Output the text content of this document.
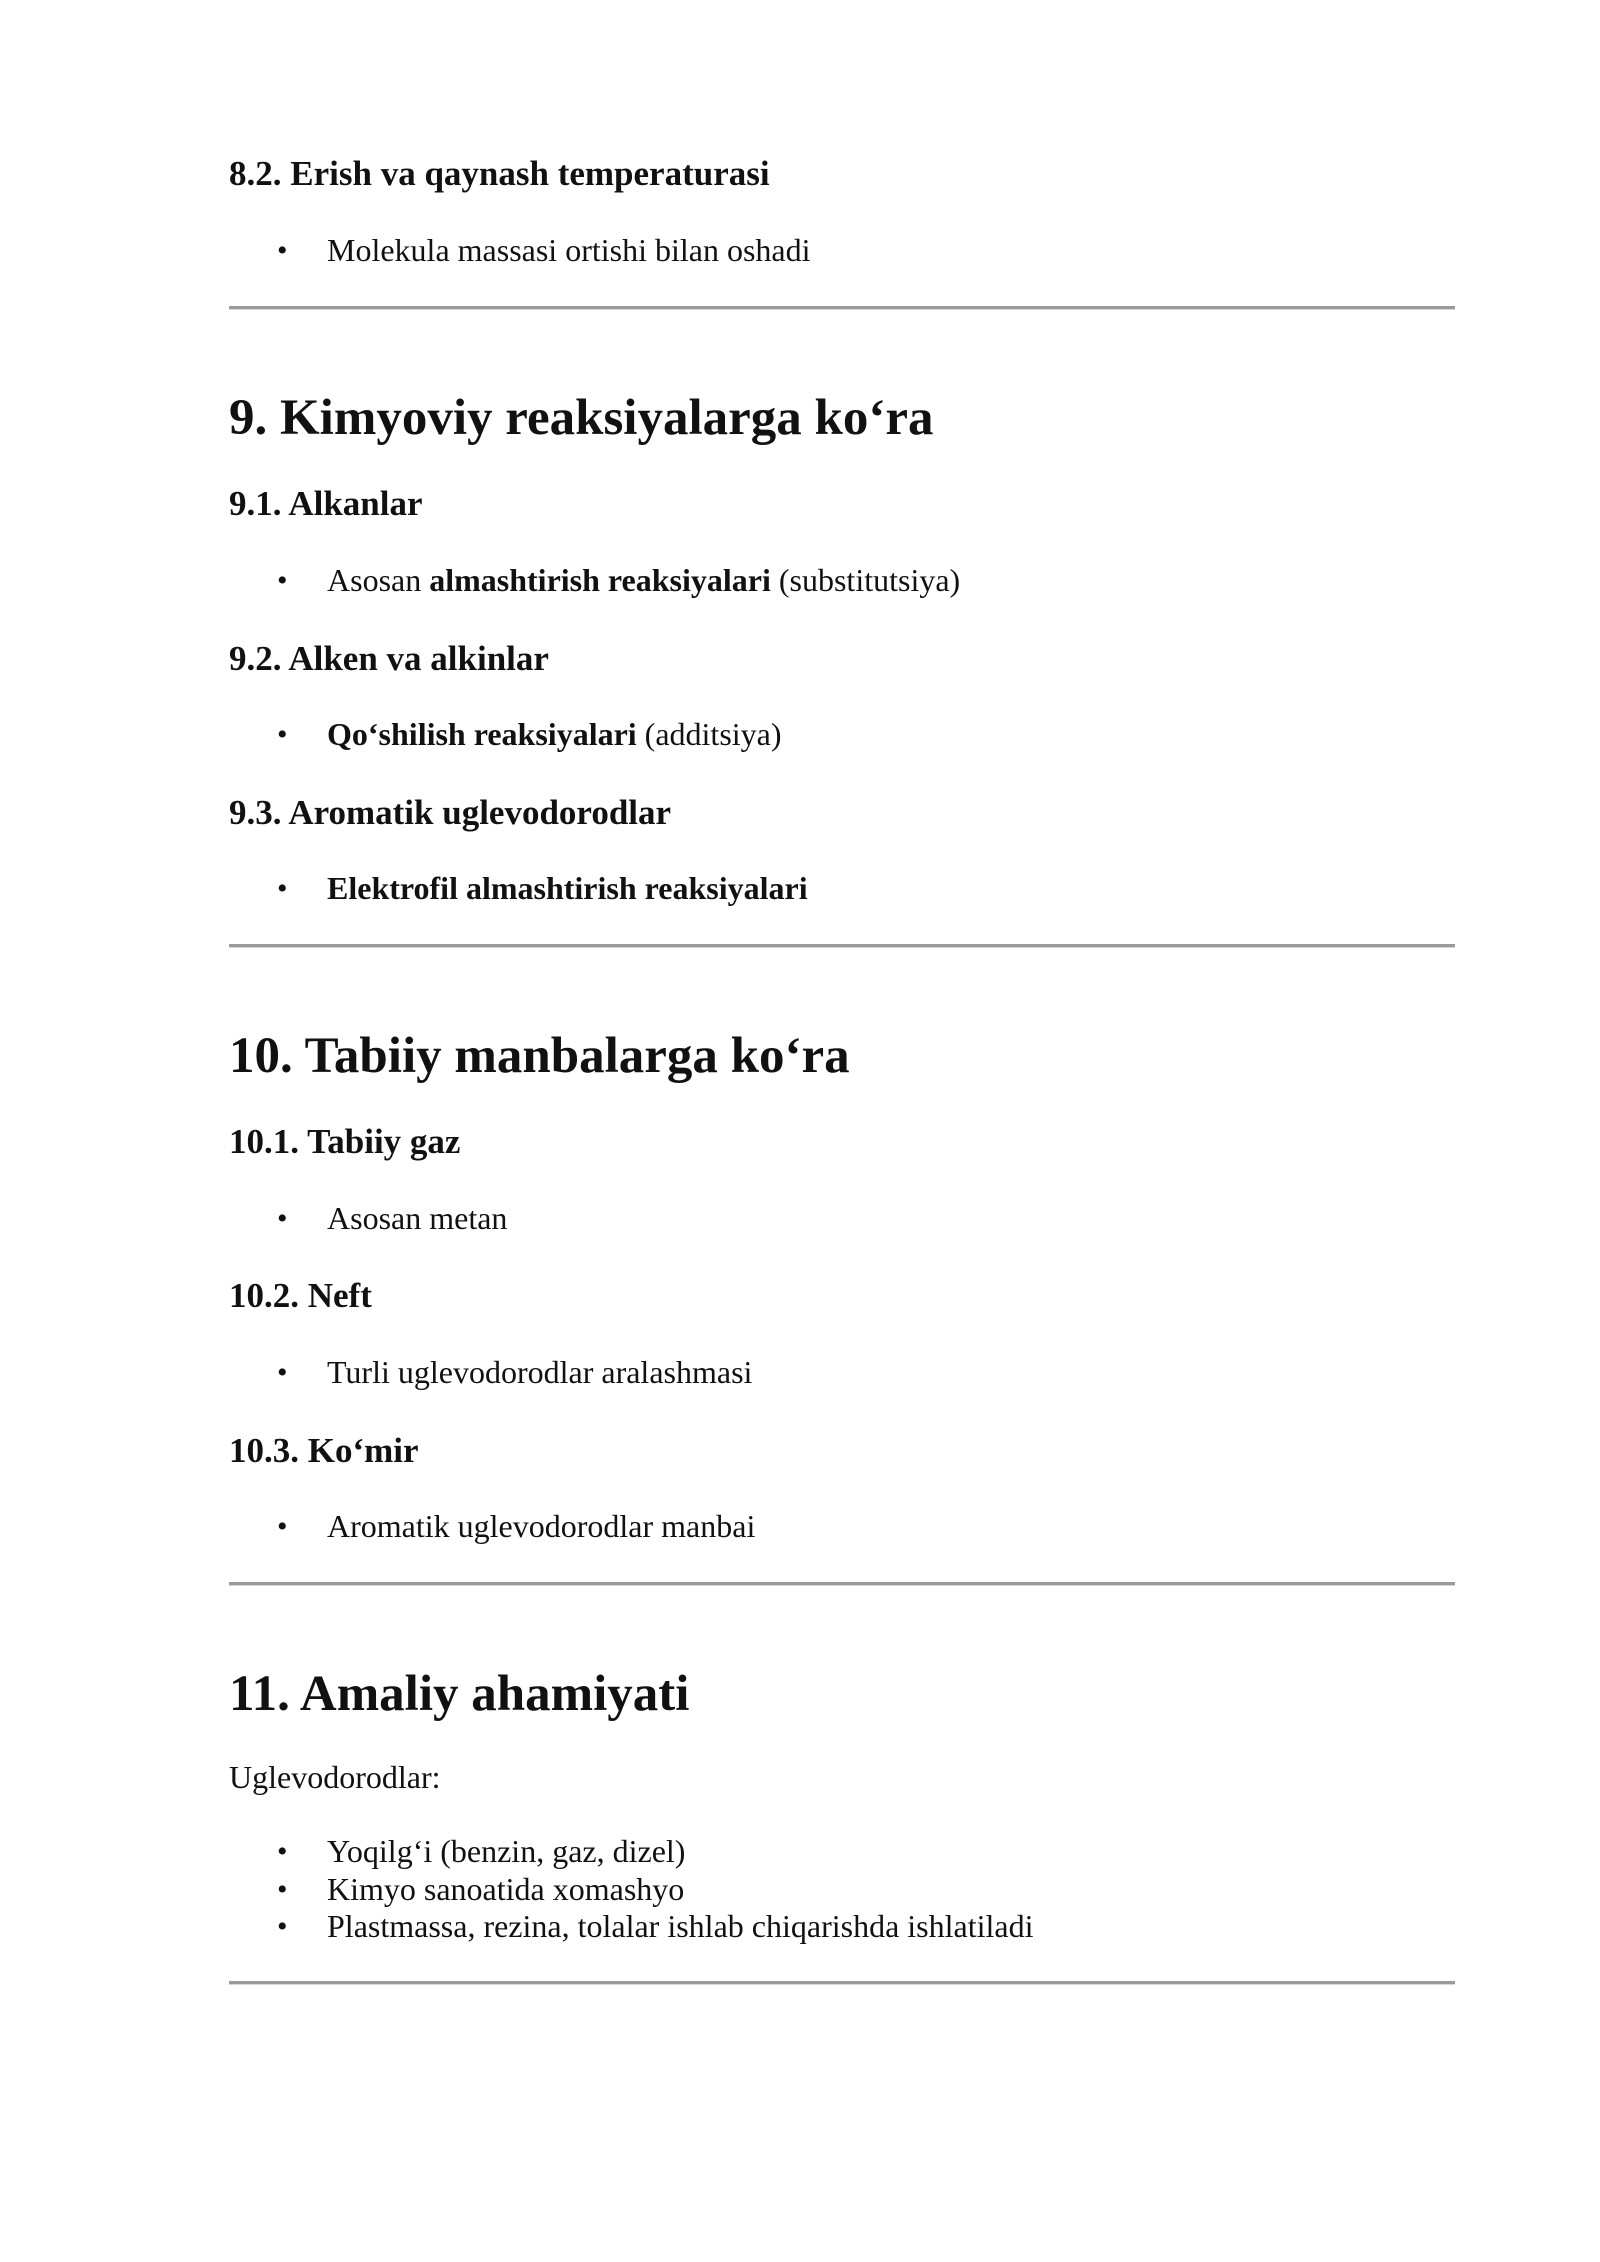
8.2. Erish va qaynash temperaturasi
• Molekula massasi ortishi bilan oshadi
9. Kimyoviy reaksiyalarga ko‘ra
9.1. Alkanlar
• Asosan almashtirish reaksiyalari (substitutsiya)
9.2. Alken va alkinlar
• Qo‘shilish reaksiyalari (additsiya)
9.3. Aromatik uglevodorodlar
• Elektrofil almashtirish reaksiyalari
10. Tabiiy manbalarga ko‘ra
10.1. Tabiiy gaz
• Asosan metan
10.2. Neft
• Turli uglevodorodlar aralashmasi
10.3. Ko‘mir
• Aromatik uglevodorodlar manbai
11. Amaliy ahamiyati

Uglevodorodlar:

• Yoqilg‘i (benzin, gaz, dizel)
• Kimyo sanoatida xomashyo
• Plastmassa, rezina, tolalar ishlab chiqarishda ishlatiladi
